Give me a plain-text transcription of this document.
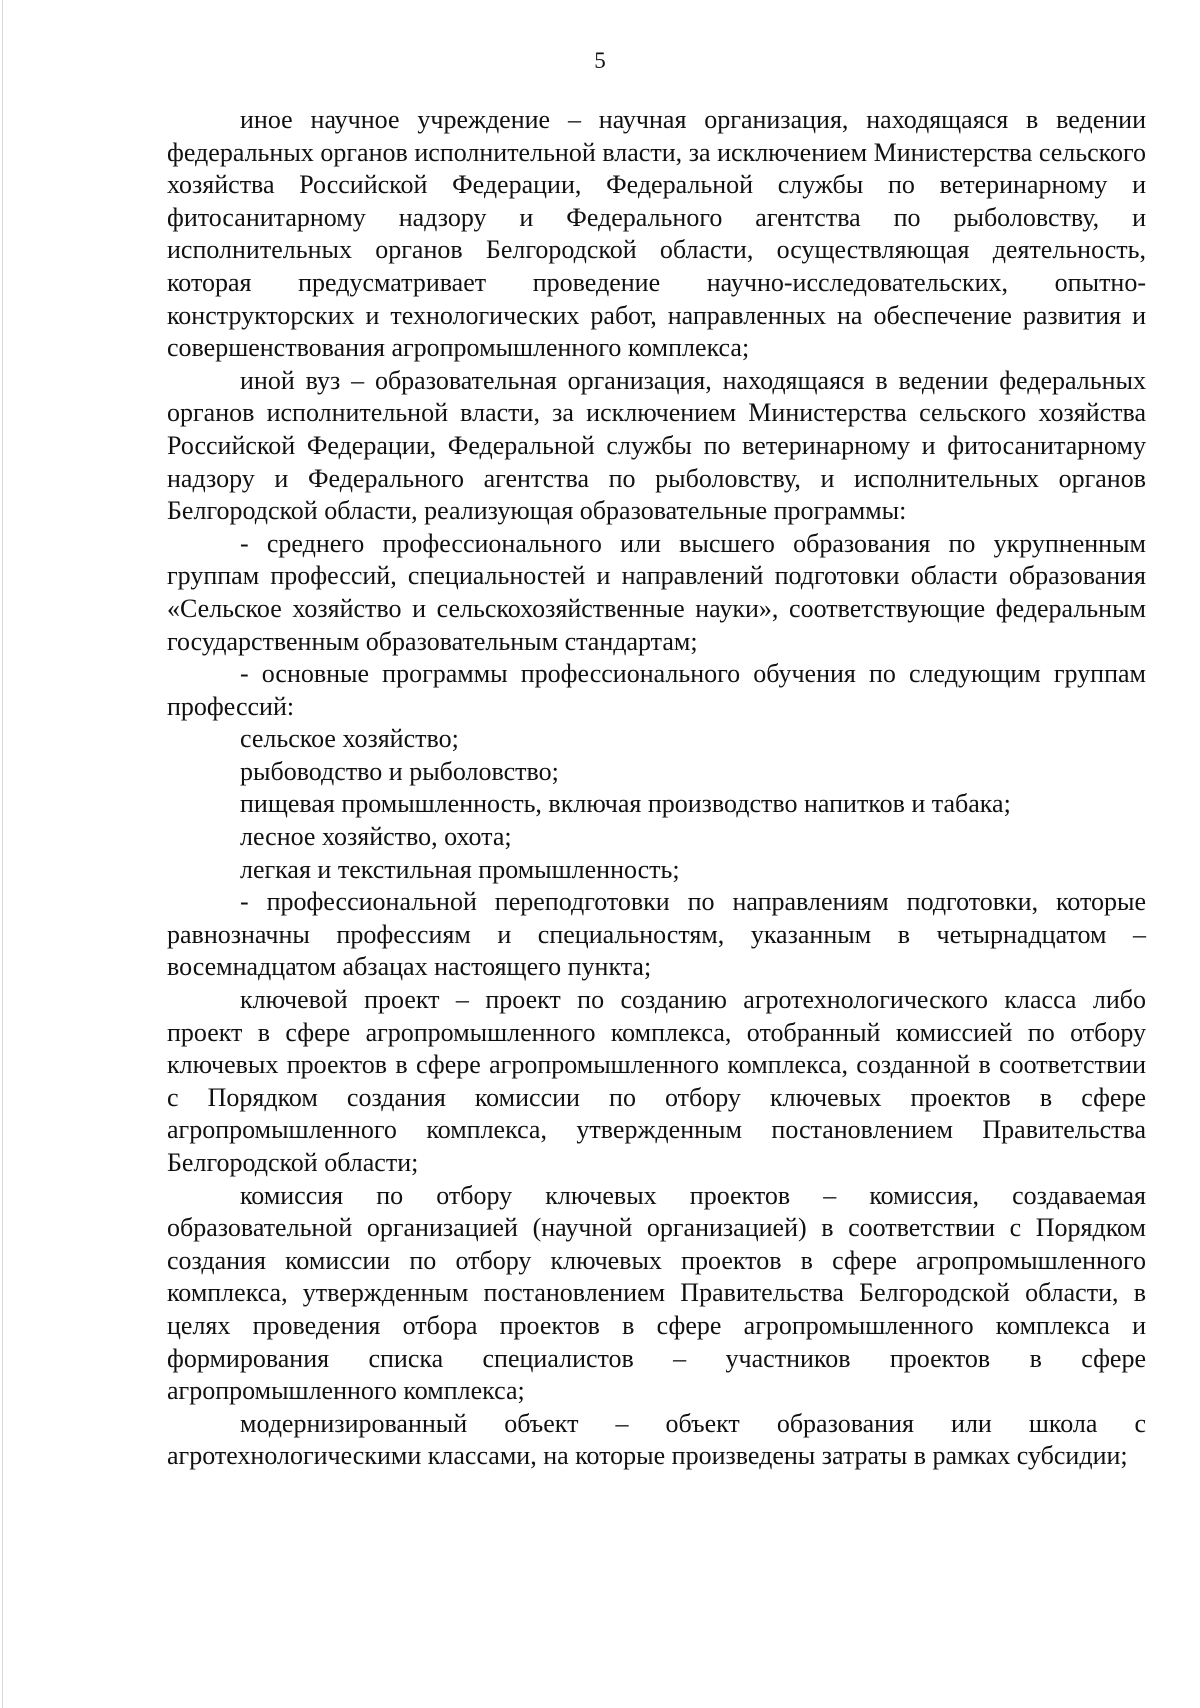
5

иное научное учреждение – научная организация, находящаяся в ведении федеральных органов исполнительной власти, за исключением Министерства сельского хозяйства Российской Федерации, Федеральной службы по ветеринарному и фитосанитарному надзору и Федерального агентства по рыболовству, и исполнительных органов Белгородской области, осуществляющая деятельность, которая предусматривает проведение научно-исследовательских, опытно-конструкторских и технологических работ, направленных на обеспечение развития и совершенствования агропромышленного комплекса;

иной вуз – образовательная организация, находящаяся в ведении федеральных органов исполнительной власти, за исключением Министерства сельского хозяйства Российской Федерации, Федеральной службы по ветеринарному и фитосанитарному надзору и Федерального агентства по рыболовству, и исполнительных органов Белгородской области, реализующая образовательные программы:

- среднего профессионального или высшего образования по укрупненным группам профессий, специальностей и направлений подготовки области образования «Сельское хозяйство и сельскохозяйственные науки», соответствующие федеральным государственным образовательным стандартам;

- основные программы профессионального обучения по следующим группам профессий:

сельское хозяйство;

рыбоводство и рыболовство;

пищевая промышленность, включая производство напитков и табака;

лесное хозяйство, охота;

легкая и текстильная промышленность;

- профессиональной переподготовки по направлениям подготовки, которые равнозначны профессиям и специальностям, указанным в четырнадцатом – восемнадцатом абзацах настоящего пункта;

ключевой проект – проект по созданию агротехнологического класса либо проект в сфере агропромышленного комплекса, отобранный комиссией по отбору ключевых проектов в сфере агропромышленного комплекса, созданной в соответствии с Порядком создания комиссии по отбору ключевых проектов в сфере агропромышленного комплекса, утвержденным постановлением Правительства Белгородской области;

комиссия по отбору ключевых проектов – комиссия, создаваемая образовательной организацией (научной организацией) в соответствии с Порядком создания комиссии по отбору ключевых проектов в сфере агропромышленного комплекса, утвержденным постановлением Правительства Белгородской области, в целях проведения отбора проектов в сфере агропромышленного комплекса и формирования списка специалистов – участников проектов в сфере агропромышленного комплекса;

модернизированный объект – объект образования или школа с агротехнологическими классами, на которые произведены затраты в рамках субсидии;
